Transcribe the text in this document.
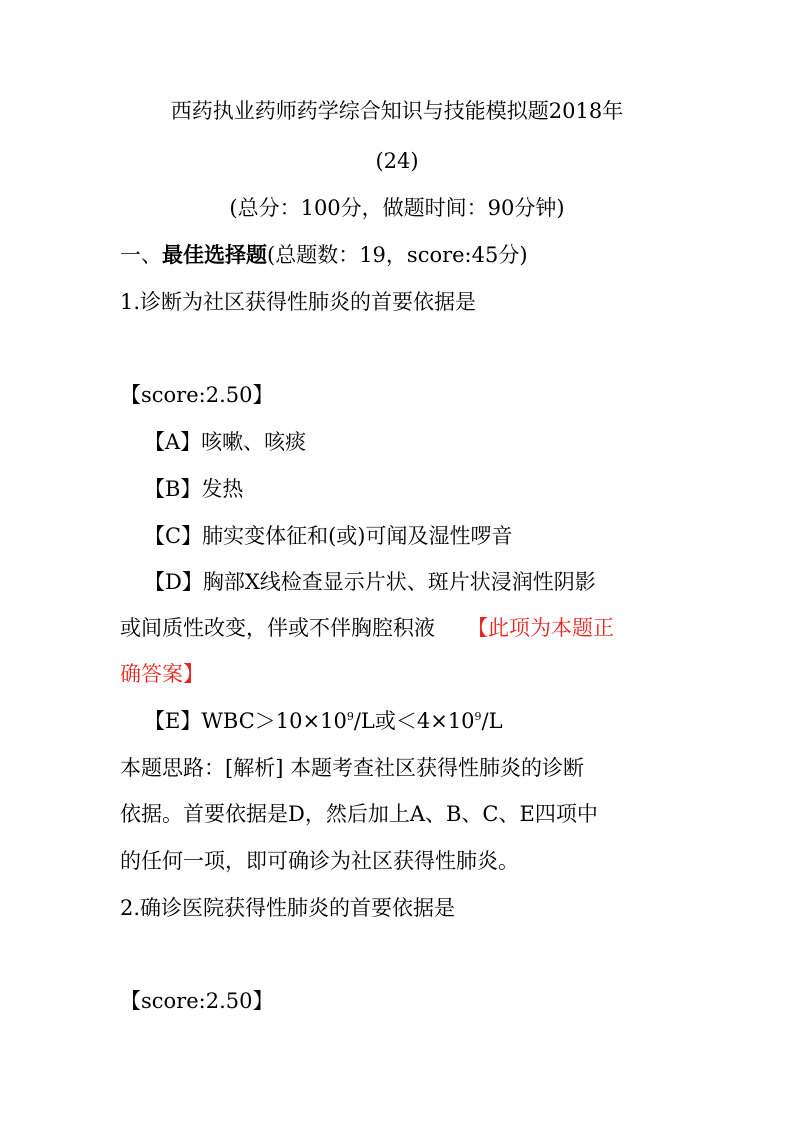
西药执业药师药学综合知识与技能模拟题2018年
(24)
(总分：100分，做题时间：90分钟)
一、最佳选择题(总题数：19，score:45分)
1.诊断为社区获得性肺炎的首要依据是
【score:2.50】
【A】咳嗽、咳痰
【B】发热
【C】肺实变体征和(或)可闻及湿性啰音
【D】胸部X线检查显示片状、斑片状浸润性阴影
或间质性改变，伴或不伴胸腔积液 【此项为本题正
确答案】
【E】$WBC>10\times 10^9/L$或$<4\times 10^9/L$
本题思路：[解析] 本题考查社区获得性肺炎的诊断
依据。首要依据是D，然后加上A、B、C、E四项中
的任何一项，即可确诊为社区获得性肺炎。
2.确诊医院获得性肺炎的首要依据是
【score:2.50】
